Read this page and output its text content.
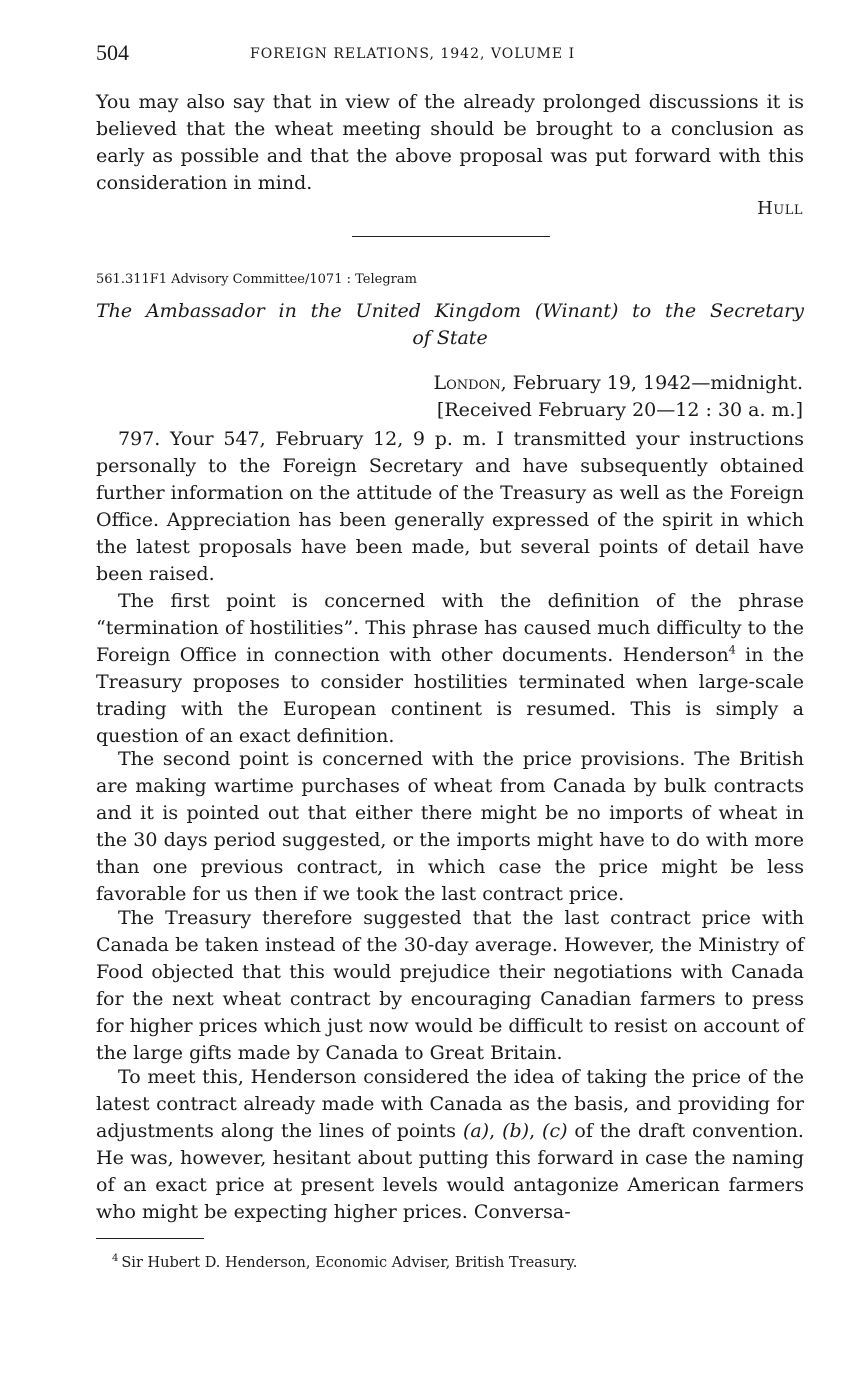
504	FOREIGN RELATIONS, 1942, VOLUME I

You may also say that in view of the already prolonged discussions it is believed that the wheat meeting should be brought to a conclusion as early as possible and that the above proposal was put forward with this consideration in mind.

Hull
561.311F1 Advisory Committee/1071 : Telegram

The Ambassador in the United Kingdom (Winant) to the Secretary
of State

London, February 19, 1942—midnight.
[Received February 20—12 : 30 a. m.]

797. Your 547, February 12, 9 p. m. I transmitted your instructions personally to the Foreign Secretary and have subsequently obtained further information on the attitude of the Treasury as well as the Foreign Office. Appreciation has been generally expressed of the spirit in which the latest proposals have been made, but several points of detail have been raised.

The first point is concerned with the definition of the phrase “termination of hostilities”. This phrase has caused much difficulty to the Foreign Office in connection with other documents. Henderson$^4$ in the Treasury proposes to consider hostilities terminated when large-scale trading with the European continent is resumed. This is simply a question of an exact definition.

The second point is concerned with the price provisions. The British are making wartime purchases of wheat from Canada by bulk contracts and it is pointed out that either there might be no imports of wheat in the 30 days period suggested, or the imports might have to do with more than one previous contract, in which case the price might be less favorable for us then if we took the last contract price.

The Treasury therefore suggested that the last contract price with Canada be taken instead of the 30-day average. However, the Ministry of Food objected that this would prejudice their negotiations with Canada for the next wheat contract by encouraging Canadian farmers to press for higher prices which just now would be difficult to resist on account of the large gifts made by Canada to Great Britain.

To meet this, Henderson considered the idea of taking the price of the latest contract already made with Canada as the basis, and providing for adjustments along the lines of points (a), (b), (c) of the draft convention. He was, however, hesitant about putting this forward in case the naming of an exact price at present levels would antagonize American farmers who might be expecting higher prices. Conversa-

$^4$ Sir Hubert D. Henderson, Economic Adviser, British Treasury.
